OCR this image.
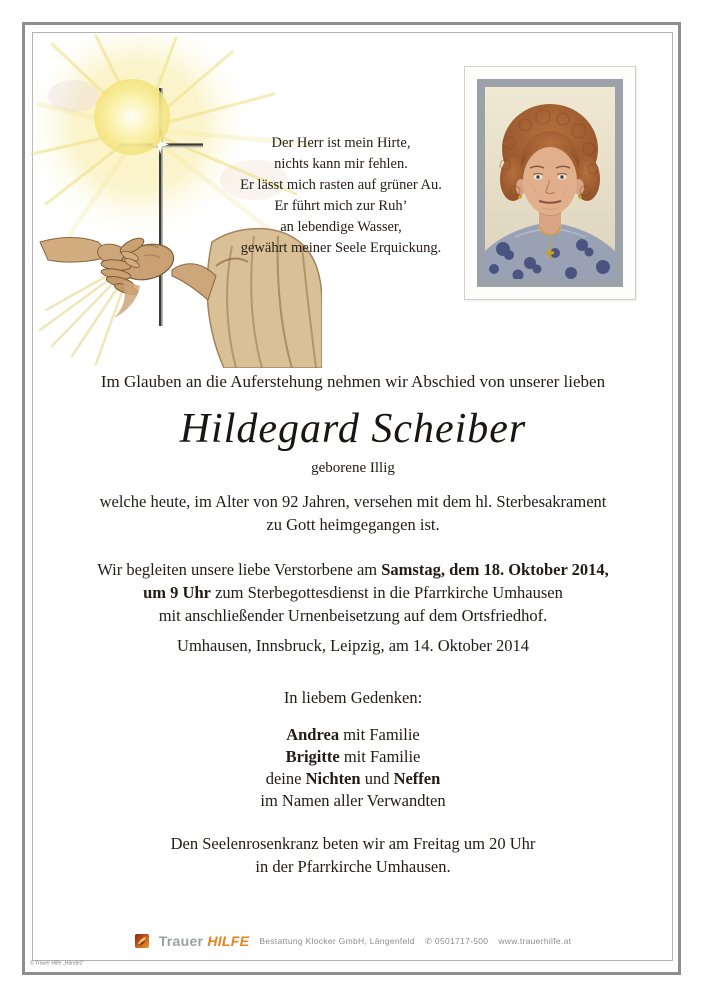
Der Herr ist mein Hirte,
nichts kann mir fehlen.
Er lässt mich rasten auf grüner Au.
Er führt mich zur Ruh’
an lebendige Wasser,
gewährt meiner Seele Erquickung.
Im Glauben an die Auferstehung nehmen wir Abschied von unserer lieben
Hildegard Scheiber
geborene Illig
welche heute, im Alter von 92 Jahren, versehen mit dem hl. Sterbesakrament
zu Gott heimgegangen ist.
Wir begleiten unsere liebe Verstorbene am Samstag, dem 18. Oktober 2014,
um 9 Uhr zum Sterbegottesdienst in die Pfarrkirche Umhausen
mit anschließender Urnenbeisetzung auf dem Ortsfriedhof.
Umhausen, Innsbruck, Leipzig, am 14. Oktober 2014
In liebem Gedenken:
Andrea mit Familie
Brigitte mit Familie
deine Nichten und Neffen
im Namen aller Verwandten
Den Seelenrosenkranz beten wir am Freitag um 20 Uhr
in der Pfarrkirche Umhausen.
Trauer HILFE Bestattung Klocker GmbH, Längenfeld ✆ 0501717-500 www.trauerhilfe.at
© Trauer Hilfe „Hände2“
